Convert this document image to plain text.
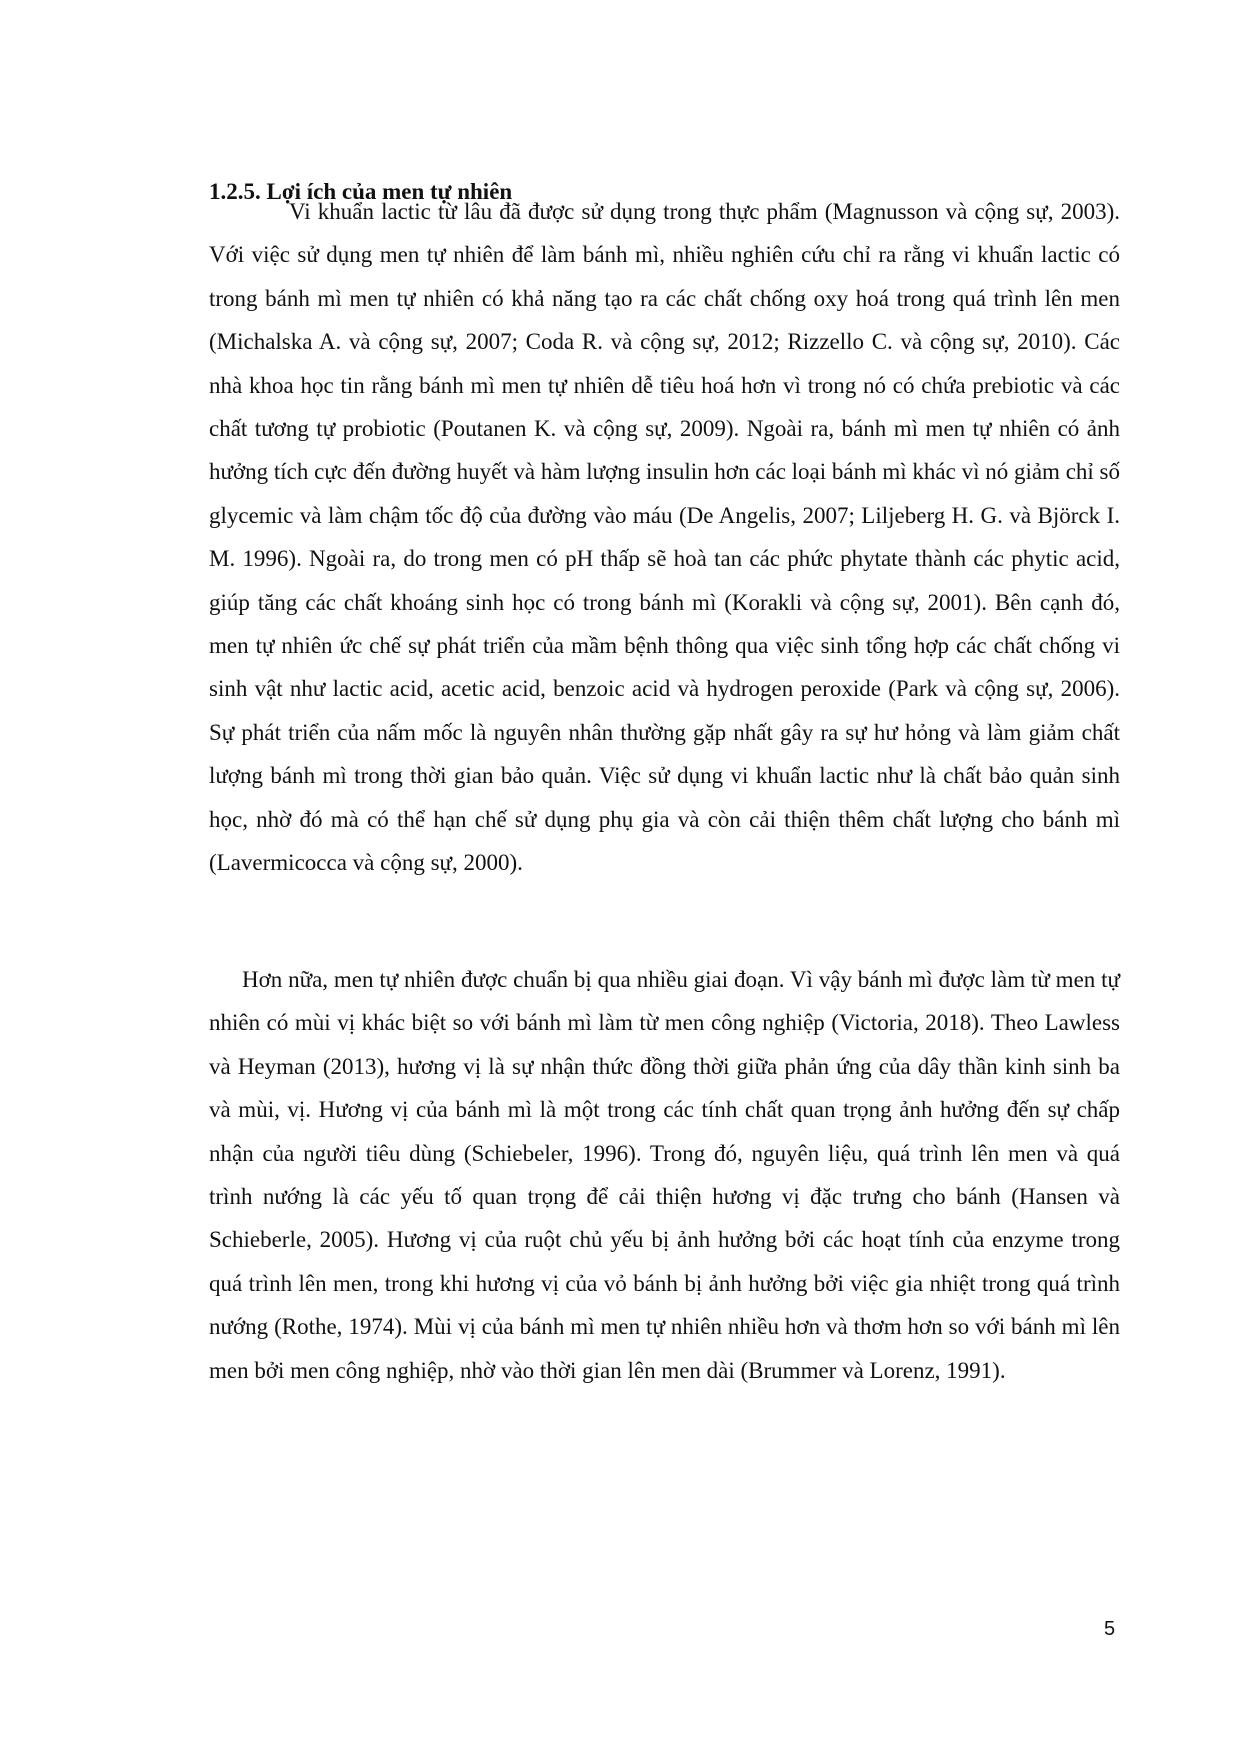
1.2.5. Lợi ích của men tự nhiên

Vi khuẩn lactic từ lâu đã được sử dụng trong thực phẩm (Magnusson và cộng sự, 2003). Với việc sử dụng men tự nhiên để làm bánh mì, nhiều nghiên cứu chỉ ra rằng vi khuẩn lactic có trong bánh mì men tự nhiên có khả năng tạo ra các chất chống oxy hoá trong quá trình lên men (Michalska A. và cộng sự, 2007; Coda R. và cộng sự, 2012; Rizzello C. và cộng sự, 2010). Các nhà khoa học tin rằng bánh mì men tự nhiên dễ tiêu hoá hơn vì trong nó có chứa prebiotic và các chất tương tự probiotic (Poutanen K. và cộng sự, 2009). Ngoài ra, bánh mì men tự nhiên có ảnh hưởng tích cực đến đường huyết và hàm lượng insulin hơn các loại bánh mì khác vì nó giảm chỉ số glycemic và làm chậm tốc độ của đường vào máu (De Angelis, 2007; Liljeberg H. G. và Björck I. M. 1996). Ngoài ra, do trong men có pH thấp sẽ hoà tan các phức phytate thành các phytic acid, giúp tăng các chất khoáng sinh học có trong bánh mì (Korakli và cộng sự, 2001). Bên cạnh đó, men tự nhiên ức chế sự phát triển của mầm bệnh thông qua việc sinh tổng hợp các chất chống vi sinh vật như lactic acid, acetic acid, benzoic acid và hydrogen peroxide (Park và cộng sự, 2006). Sự phát triển của nấm mốc là nguyên nhân thường gặp nhất gây ra sự hư hỏng và làm giảm chất lượng bánh mì trong thời gian bảo quản. Việc sử dụng vi khuẩn lactic như là chất bảo quản sinh học, nhờ đó mà có thể hạn chế sử dụng phụ gia và còn cải thiện thêm chất lượng cho bánh mì (Lavermicocca và cộng sự, 2000).

Hơn nữa, men tự nhiên được chuẩn bị qua nhiều giai đoạn. Vì vậy bánh mì được làm từ men tự nhiên có mùi vị khác biệt so với bánh mì làm từ men công nghiệp (Victoria, 2018). Theo Lawless và Heyman (2013), hương vị là sự nhận thức đồng thời giữa phản ứng của dây thần kinh sinh ba và mùi, vị. Hương vị của bánh mì là một trong các tính chất quan trọng ảnh hưởng đến sự chấp nhận của người tiêu dùng (Schiebeler, 1996). Trong đó, nguyên liệu, quá trình lên men và quá trình nướng là các yếu tố quan trọng để cải thiện hương vị đặc trưng cho bánh (Hansen và Schieberle, 2005). Hương vị của ruột chủ yếu bị ảnh hưởng bởi các hoạt tính của enzyme trong quá trình lên men, trong khi hương vị của vỏ bánh bị ảnh hưởng bởi việc gia nhiệt trong quá trình nướng (Rothe, 1974). Mùi vị của bánh mì men tự nhiên nhiều hơn và thơm hơn so với bánh mì lên men bởi men công nghiệp, nhờ vào thời gian lên men dài (Brummer và Lorenz, 1991).

5
